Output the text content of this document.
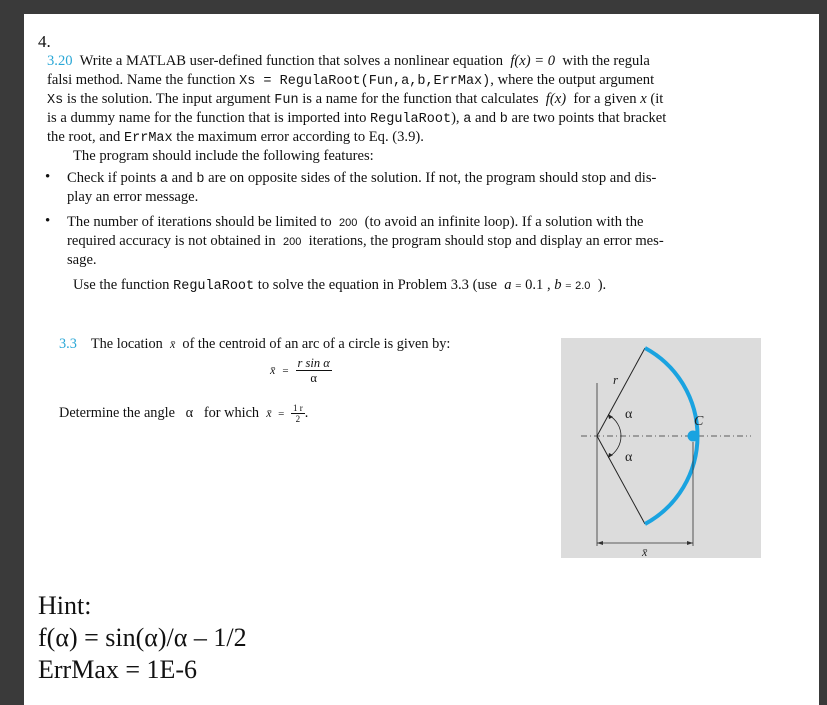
4.
3.20 Write a MATLAB user-defined function that solves a nonlinear equation f(x) = 0 with the regula
falsi method. Name the function Xs = RegulaRoot(Fun,a,b,ErrMax), where the output argument
Xs is the solution. The input argument Fun is a name for the function that calculates f(x) for a given x (it
is a dummy name for the function that is imported into RegulaRoot), a and b are two points that bracket
the root, and ErrMax the maximum error according to Eq. (3.9).
The program should include the following features:
• Check if points a and b are on opposite sides of the solution. If not, the program should stop and dis-
play an error message.
• The number of iterations should be limited to 200 (to avoid an infinite loop). If a solution with the
required accuracy is not obtained in 200 iterations, the program should stop and display an error mes-
sage.
Use the function RegulaRoot to solve the equation in Problem 3.3 (use a = 0.1 , b = 2.0 ).
3.3 The location x̄ of the centroid of an arc of a circle is given by:
x̄ = $\frac{\text{r sin α}}{\alpha}$
Determine the angle α for which x̄ = $\frac{1 r}{2}$ .
r
α
α
C
x̄
Hint:
f(α) = sin(α)/α – 1/2
ErrMax = 1E-6
